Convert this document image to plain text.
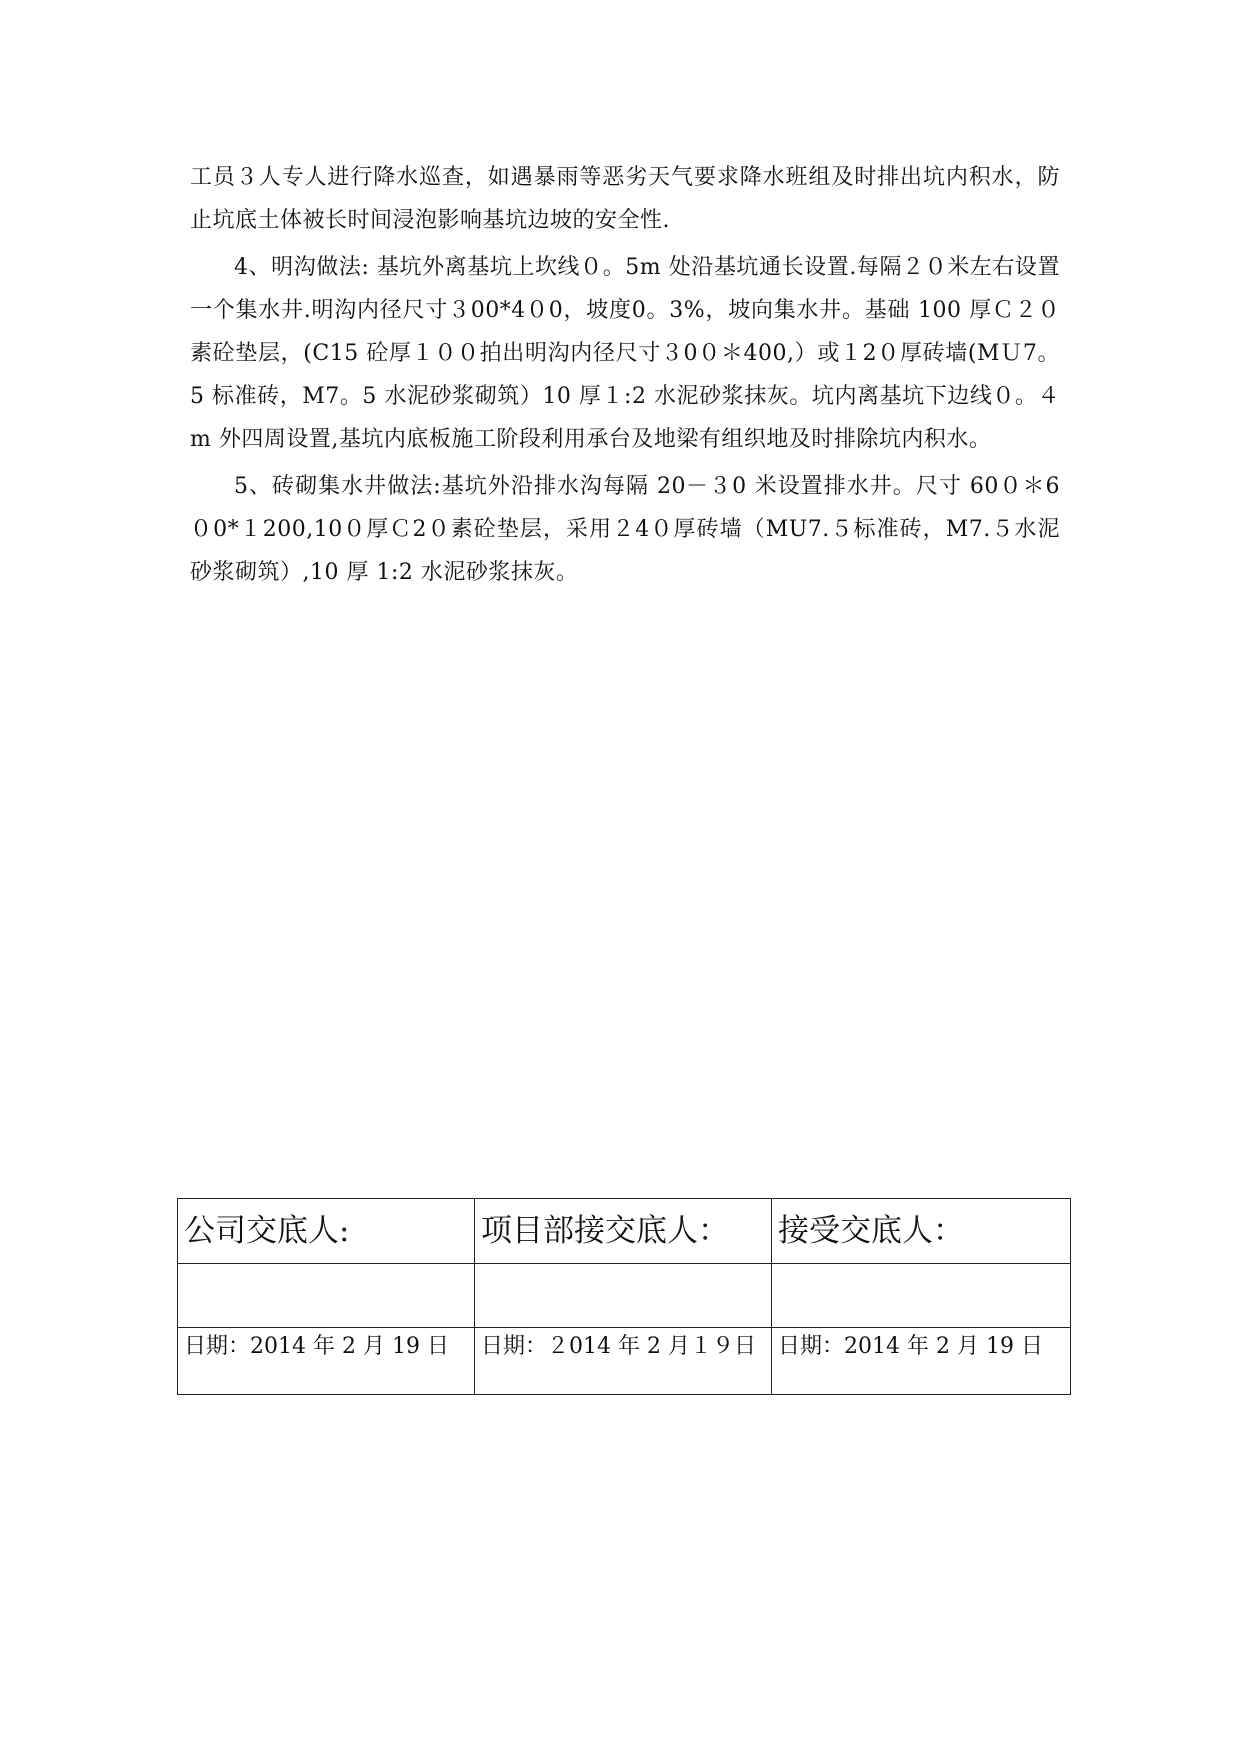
工员３人专人进行降水巡查，如遇暴雨等恶劣天气要求降水班组及时排出坑内积水，防止坑底土体被长时间浸泡影响基坑边坡的安全性.

4、明沟做法: 基坑外离基坑上坎线０。5m 处沿基坑通长设置.每隔２０米左右设置一个集水井.明沟内径尺寸３00*4０0，坡度0。3%，坡向集水井。基础 100 厚Ｃ２０素砼垫层，(C15 砼厚１００拍出明沟内径尺寸３0０＊400,）或１2０厚砖墙(MＵ7。5 标准砖，M7。5 水泥砂浆砌筑）10 厚１:2 水泥砂浆抹灰。坑内离基坑下边线０。４m 外四周设置,基坑内底板施工阶段利用承台及地梁有组织地及时排除坑内积水。

5、砖砌集水井做法:基坑外沿排水沟每隔 20－３0 米设置排水井。尺寸 60０＊6０0*１200,10０厚Ｃ2０素砼垫层，采用２4０厚砖墙（MU7.５标准砖，M7.５水泥砂浆砌筑）,10 厚 1:2 水泥砂浆抹灰。

公司交底人:	项目部接交底人：	接受交底人：

日期：2014 年 2 月 19 日	日期：２014 年 2 月１９日	日期：2014 年 2 月 19 日
